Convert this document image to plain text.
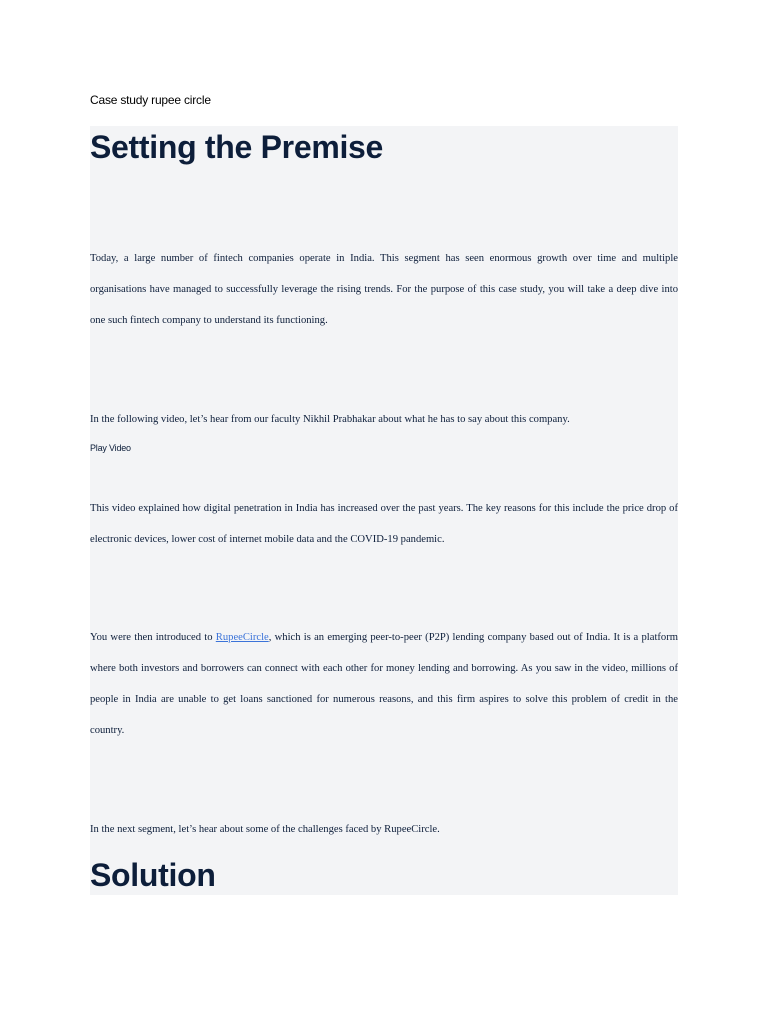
Case study rupee circle
Setting the Premise

Today, a large number of fintech companies operate in India. This segment has seen enormous growth over time and multiple organisations have managed to successfully leverage the rising trends. For the purpose of this case study, you will take a deep dive into one such fintech company to understand its functioning.

In the following video, let’s hear from our faculty Nikhil Prabhakar about what he has to say about this company.

Play Video

This video explained how digital penetration in India has increased over the past years. The key reasons for this include the price drop of electronic devices, lower cost of internet mobile data and the COVID-19 pandemic.

You were then introduced to RupeeCircle, which is an emerging peer-to-peer (P2P) lending company based out of India. It is a platform where both investors and borrowers can connect with each other for money lending and borrowing. As you saw in the video, millions of people in India are unable to get loans sanctioned for numerous reasons, and this firm aspires to solve this problem of credit in the country.

In the next segment, let’s hear about some of the challenges faced by RupeeCircle.

Solution
